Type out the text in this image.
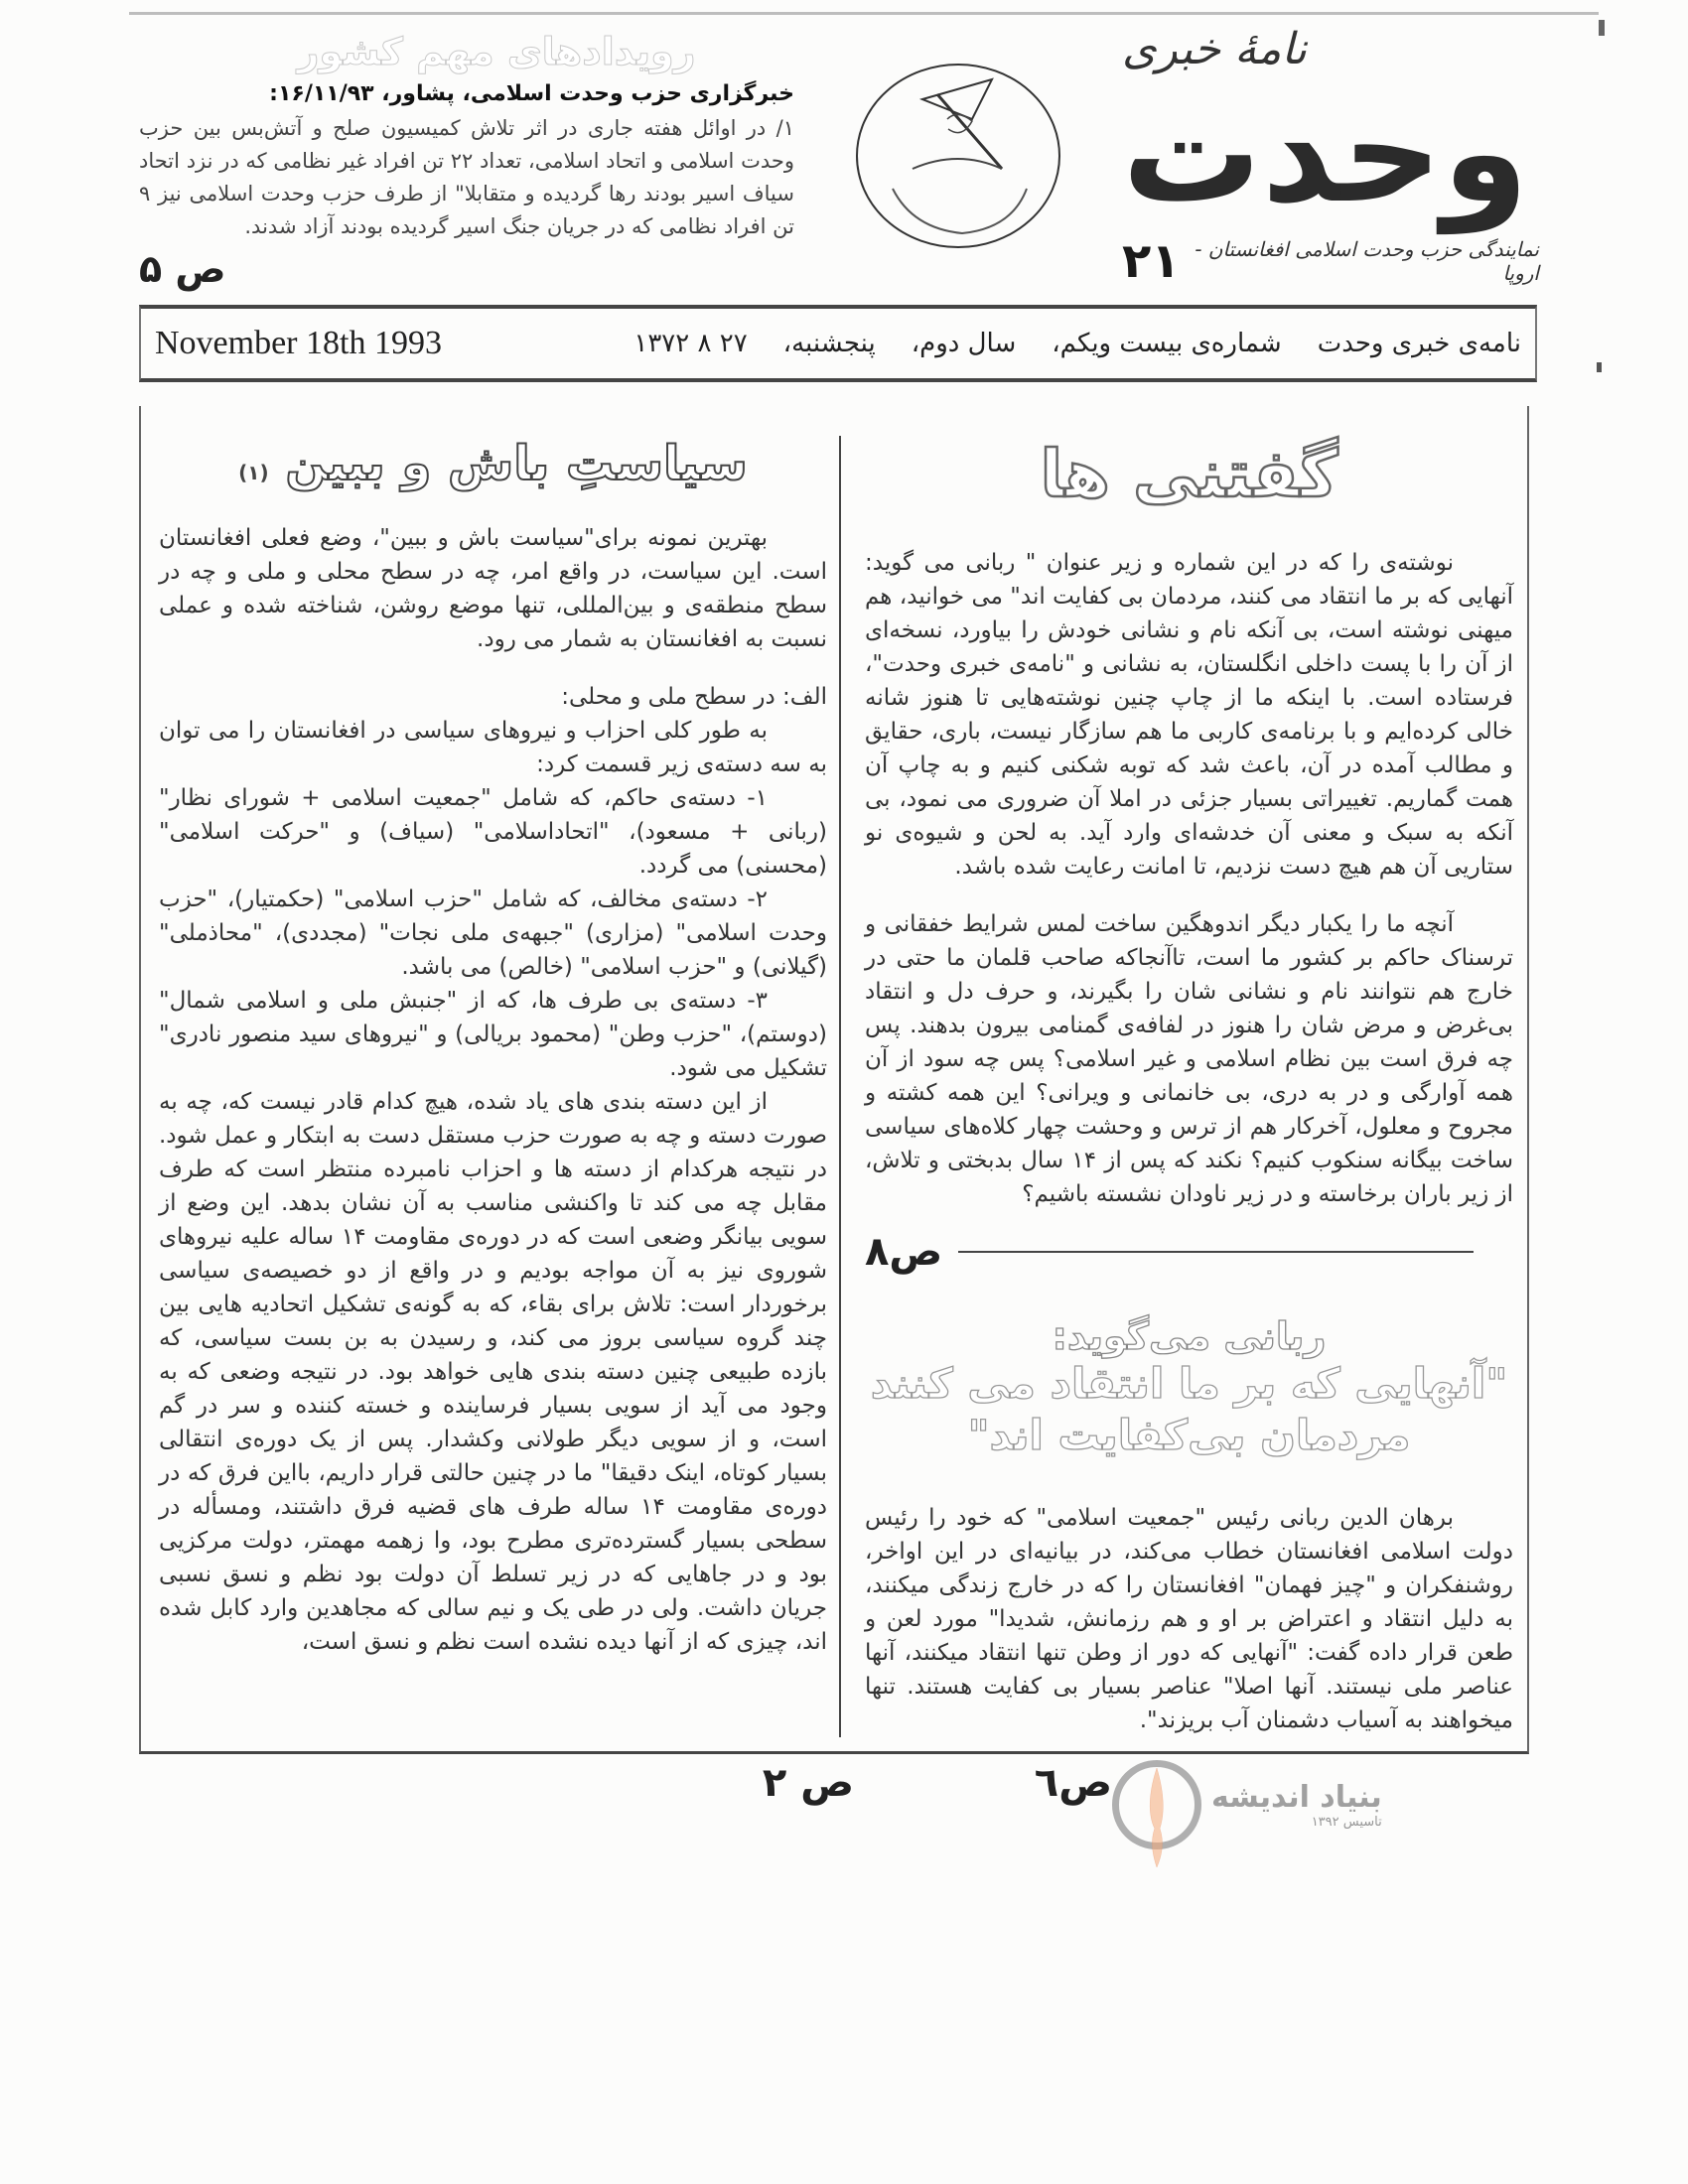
رویدادهای مهم کشور
خبرگزاری حزب وحدت اسلامی، پشاور، ۱۶/۱۱/۹۳:
۱/ در اوائل هفته جاری در اثر تلاش کمیسیون صلح و آتش‌بس بین حزب وحدت اسلامی و اتحاد اسلامی، تعداد ۲۲ تن افراد غیر نظامی که در نزد اتحاد سیاف اسیر بودند رها گردیده و متقابلا" از طرف حزب وحدت اسلامی نیز ۹ تن افراد نظامی که در جریان جنگ اسیر گردیده بودند آزاد شدند.
ص ۵
نامهٔ خبری
وحدت
نمایندگی حزب وحدت اسلامی افغانستان - اروپا
۲۱
November 18th 1993	نامه‌ی خبری وحدت
شماره‌ی بیست ویکم،
سال دوم،
پنجشنبه،
۲۷ ۸ ۱۳۷۲
سیاستِ باش و ببین (۱)

بهترین نمونه برای"سیاست باش و ببین"، وضع فعلی افغانستان است. این سیاست، در واقع امر، چه در سطح محلی و ملی و چه در سطح منطقه‌ی و بین‌المللی، تنها موضع روشن، شناخته شده و عملی نسبت به افغانستان به شمار می رود.

الف: در سطح ملی و محلی:

به طور کلی احزاب و نیروهای سیاسی در افغانستان را می توان به سه دسته‌ی زیر قسمت کرد:

۱- دسته‌ی حاکم، که شامل "جمعیت اسلامی + شورای نظار" (ربانی + مسعود)، "اتحاداسلامی" (سیاف) و "حرکت اسلامی" (محسنی) می گردد.

۲- دسته‌ی مخالف، که شامل "حزب اسلامی" (حکمتیار)، "حزب وحدت اسلامی" (مزاری) "جبهه‌ی ملی نجات" (مجددی)، "محاذملی" (گیلانی) و "حزب اسلامی" (خالص) می باشد.

۳- دسته‌ی بی طرف ها، که از "جنبش ملی و اسلامی شمال" (دوستم)، "حزب وطن" (محمود بریالی) و "نیروهای سید منصور نادری" تشکیل می شود.

از این دسته بندی های یاد شده، هیچ کدام قادر نیست که، چه به صورت دسته و چه به صورت حزب مستقل دست به ابتکار و عمل شود. در نتیجه هرکدام از دسته ها و احزاب نامبرده منتظر است که طرف مقابل چه می کند تا واکنشی مناسب به آن نشان بدهد. این وضع از سویی بیانگر وضعی است که در دوره‌ی مقاومت ۱۴ ساله علیه نیروهای شوروی نیز به آن مواجه بودیم و در واقع از دو خصیصه‌ی سیاسی برخوردار است: تلاش برای بقاء، که به گونه‌ی تشکیل اتحادیه هایی بین چند گروه سیاسی بروز می کند، و رسیدن به بن بست سیاسی، که بازده طبیعی چنین دسته بندی هایی خواهد بود. در نتیجه وضعی که به وجود می آید از سویی بسیار فرساینده و خسته کننده و سر در گم است، و از سویی دیگر طولانی وکشدار. پس از یک دوره‌ی انتقالی بسیار کوتاه، اینک دقیقا" ما در چنین حالتی قرار داریم، بااین فرق که در دوره‌ی مقاومت ۱۴ ساله طرف های قضیه فرق داشتند، ومسأله در سطحی بسیار گسترده‌تری مطرح بود، وا زهمه مهمتر، دولت مرکزیی بود و در جاهایی که در زیر تسلط آن دولت بود نظم و نسق نسبی جریان داشت. ولی در طی یک و نیم سالی که مجاهدین وارد کابل شده اند، چیزی که از آنها دیده نشده است نظم و نسق است،

گفتنی ها

نوشته‌ی را که در این شماره و زیر عنوان " ربانی می گوید: آنهایی که بر ما انتقاد می کنند، مردمان بی کفایت اند" می خوانید، هم میهنی نوشته است، بی آنکه نام و نشانی خودش را بیاورد، نسخه‌ای از آن را با پست داخلی انگلستان، به نشانی و "نامه‌ی خبری وحدت"، فرستاده است. با اینکه ما از چاپ چنین نوشته‌هایی تا هنوز شانه خالی کرده‌ایم و با برنامه‌ی کاربی ما هم سازگار نیست، باری، حقایق و مطالب آمده در آن، باعث شد که توبه شکنی کنیم و به چاپ آن همت گماریم. تغییراتی بسیار جزئی در املا آن ضروری می نمود، بی آنکه به سبک و معنی آن خدشه‌ای وارد آید. به لحن و شیوه‌ی نو ستاریی آن هم هیچ دست نزدیم، تا امانت رعایت شده باشد.

آنچه ما را یکبار دیگر اندوهگین ساخت لمس شرایط خفقانی و ترسناک حاکم بر کشور ما است، تاآنجاکه صاحب قلمان ما حتی در خارج هم نتوانند نام و نشانی شان را بگیرند، و حرف دل و انتقاد بی‌غرض و مرض شان را هنوز در لفافه‌ی گمنامی بیرون بدهند. پس چه فرق است بین نظام اسلامی و غیر اسلامی؟ پس چه سود از آن همه آوارگی و در به دری، بی خانمانی و ویرانی؟ این همه کشته و مجروح و معلول، آخرکار هم از ترس و وحشت چهار کلاه‌های سیاسی ساخت بیگانه سنکوب کنیم؟ نکند که پس از ۱۴ سال بدبختی و تلاش، از زیر باران برخاسته و در زیر ناودان نشسته باشیم؟

ص۸
ربانی می‌گوید:
"آنهایی که بر ما انتقاد می کنند
مردمان بی‌کفایت اند"

برهان الدین ربانی رئیس "جمعیت اسلامی" که خود را رئیس دولت اسلامی افغانستان خطاب می‌کند، در بیانیه‌ای در این اواخر، روشنفکران و "چیز فهمان" افغانستان را که در خارج زندگی میکنند، به دلیل انتقاد و اعتراض بر او و هم رزمانش، شدیدا" مورد لعن و طعن قرار داده گفت: "آنهایی که دور از وطن تنها انتقاد میکنند، آنها عناصر ملی نیستند. آنها اصلا" عناصر بسیار بی کفایت هستند. تنها میخواهند به آسیاب دشمنان آب بریزند".

ص ۲	ص٦	بنیاد اندیشه
تاسیس ۱۳۹۲
